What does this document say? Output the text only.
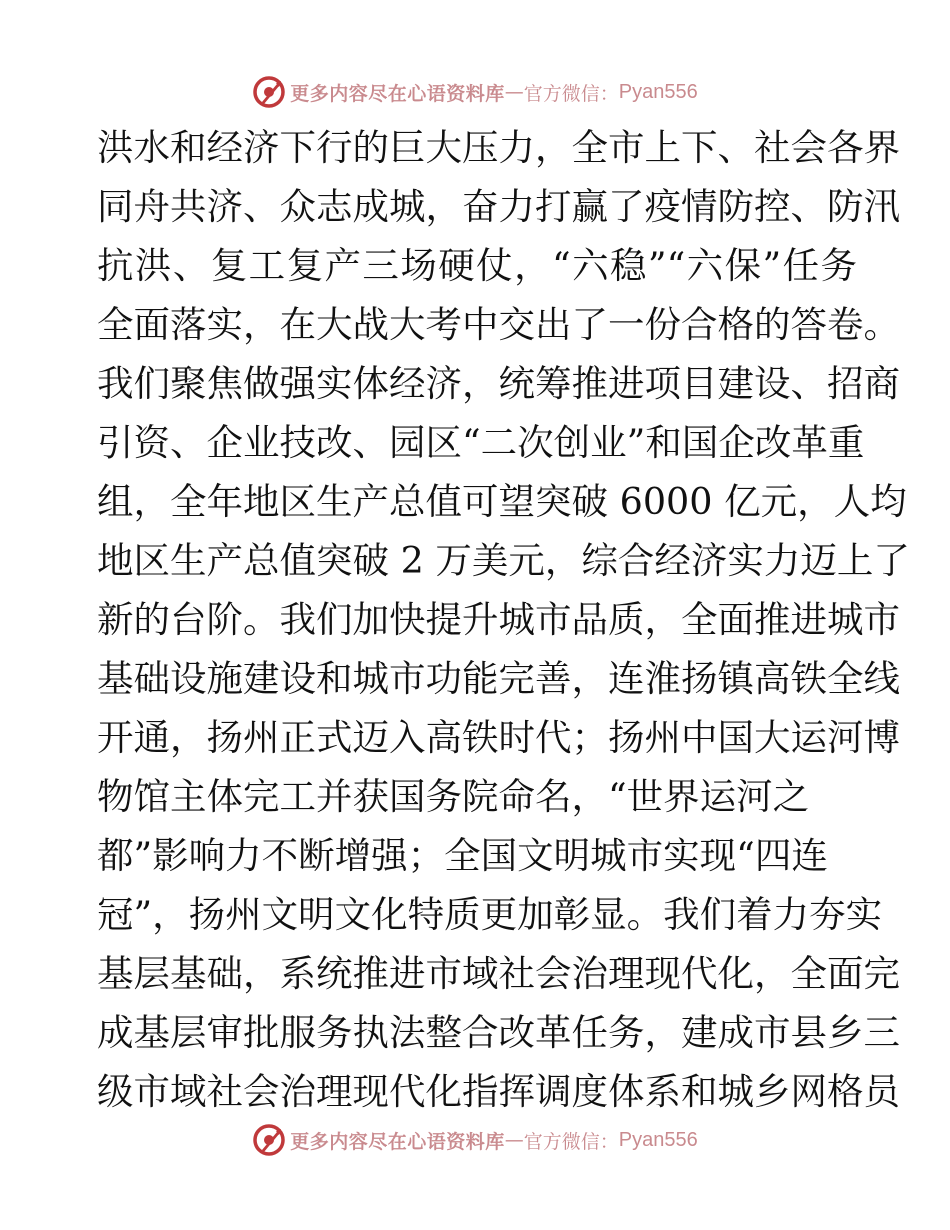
更多内容尽在心语资料库 — 官方微信： Pyan556
洪水和经济下行的巨大压力，全市上下、社会各界
同舟共济、众志成城，奋力打赢了疫情防控、防汛
抗洪、复工复产三场硬仗，“六稳”“六保”任务
全面落实，在大战大考中交出了一份合格的答卷。
我们聚焦做强实体经济，统筹推进项目建设、招商
引资、企业技改、园区“二次创业”和国企改革重
组，全年地区生产总值可望突破 6000 亿元，人均
地区生产总值突破 2 万美元，综合经济实力迈上了
新的台阶。我们加快提升城市品质，全面推进城市
基础设施建设和城市功能完善，连淮扬镇高铁全线
开通，扬州正式迈入高铁时代；扬州中国大运河博
物馆主体完工并获国务院命名，“世界运河之
都”影响力不断增强；全国文明城市实现“四连
冠”，扬州文明文化特质更加彰显。我们着力夯实
基层基础，系统推进市域社会治理现代化，全面完
成基层审批服务执法整合改革任务，建成市县乡三
级市域社会治理现代化指挥调度体系和城乡网格员
更多内容尽在心语资料库 — 官方微信： Pyan556
